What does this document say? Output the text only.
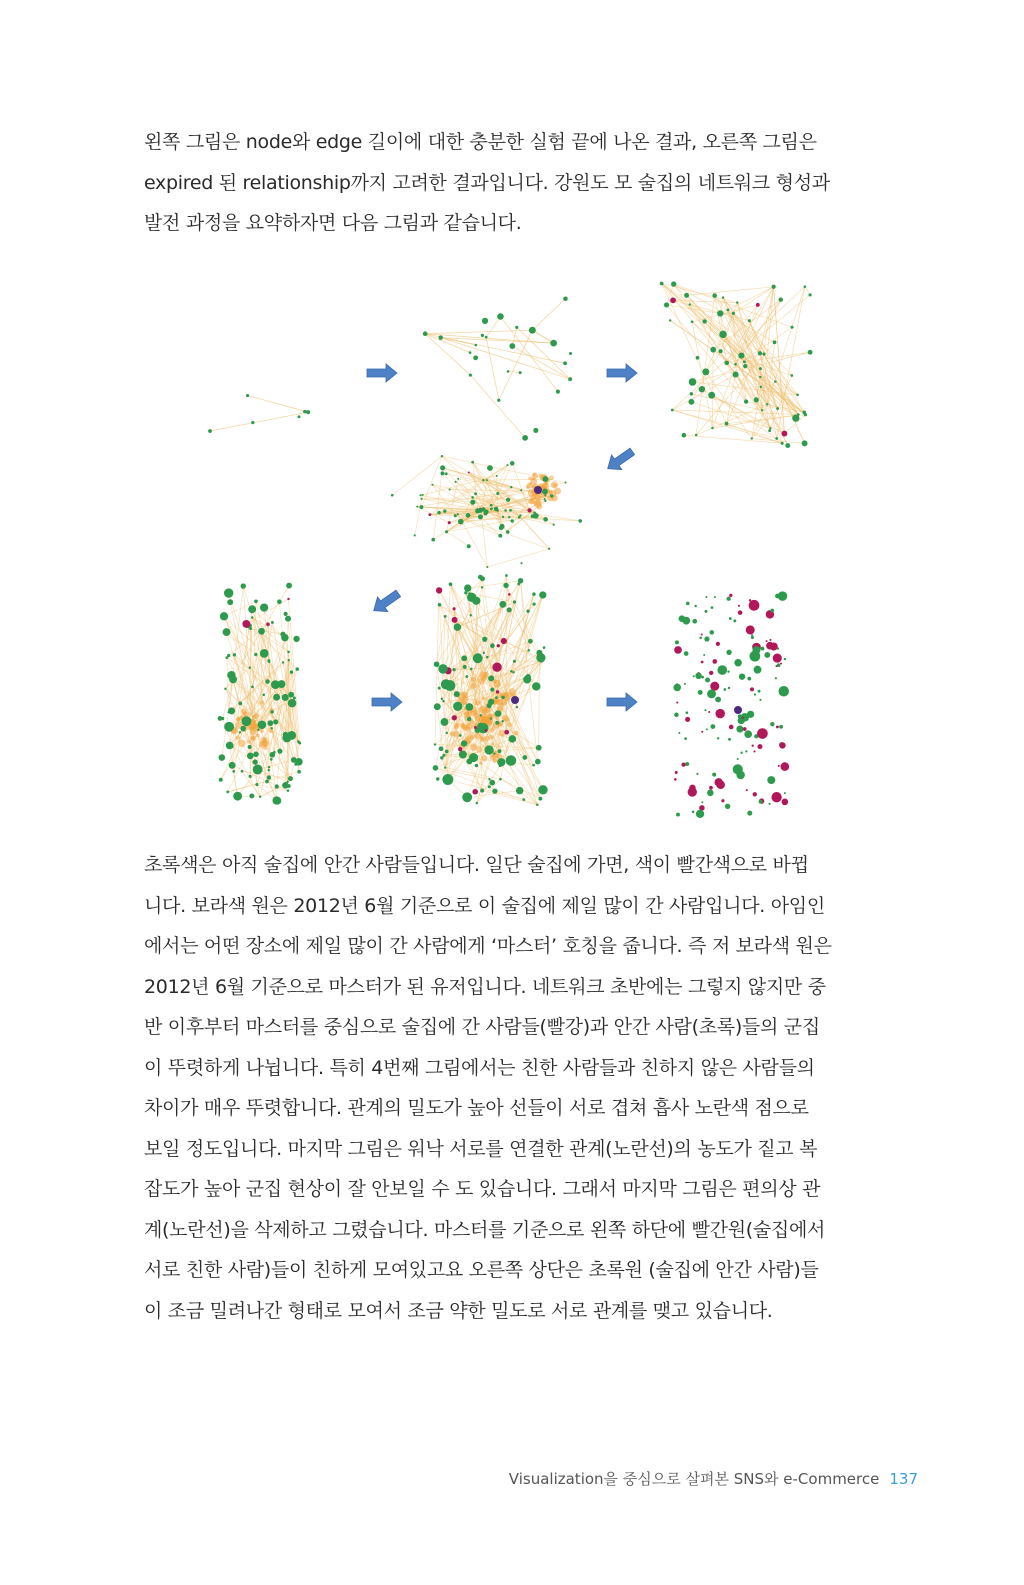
왼쪽 그림은 node와 edge 길이에 대한 충분한 실험 끝에 나온 결과, 오른쪽 그림은
expired 된 relationship까지 고려한 결과입니다. 강원도 모 술집의 네트워크 형성과
발전 과정을 요약하자면 다음 그림과 같습니다.
초록색은 아직 술집에 안간 사람들입니다. 일단 술집에 가면, 색이 빨간색으로 바뀝
니다. 보라색 원은 2012년 6월 기준으로 이 술집에 제일 많이 간 사람입니다. 아임인
에서는 어떤 장소에 제일 많이 간 사람에게 ‘마스터’ 호칭을 줍니다. 즉 저 보라색 원은
2012년 6월 기준으로 마스터가 된 유저입니다. 네트워크 초반에는 그렇지 않지만 중
반 이후부터 마스터를 중심으로 술집에 간 사람들(빨강)과 안간 사람(초록)들의 군집
이 뚜렷하게 나뉩니다. 특히 4번째 그림에서는 친한 사람들과 친하지 않은 사람들의
차이가 매우 뚜렷합니다. 관계의 밀도가 높아 선들이 서로 겹쳐 흡사 노란색 점으로
보일 정도입니다. 마지막 그림은 워낙 서로를 연결한 관계(노란선)의 농도가 짙고 복
잡도가 높아 군집 현상이 잘 안보일 수 도 있습니다. 그래서 마지막 그림은 편의상 관
계(노란선)을 삭제하고 그렸습니다. 마스터를 기준으로 왼쪽 하단에 빨간원(술집에서
서로 친한 사람)들이 친하게 모여있고요 오른쪽 상단은 초록원 (술집에 안간 사람)들
이 조금 밀려나간 형태로 모여서 조금 약한 밀도로 서로 관계를 맺고 있습니다.
Visualization을 중심으로 살펴본 SNS와 e-Commerce 137
